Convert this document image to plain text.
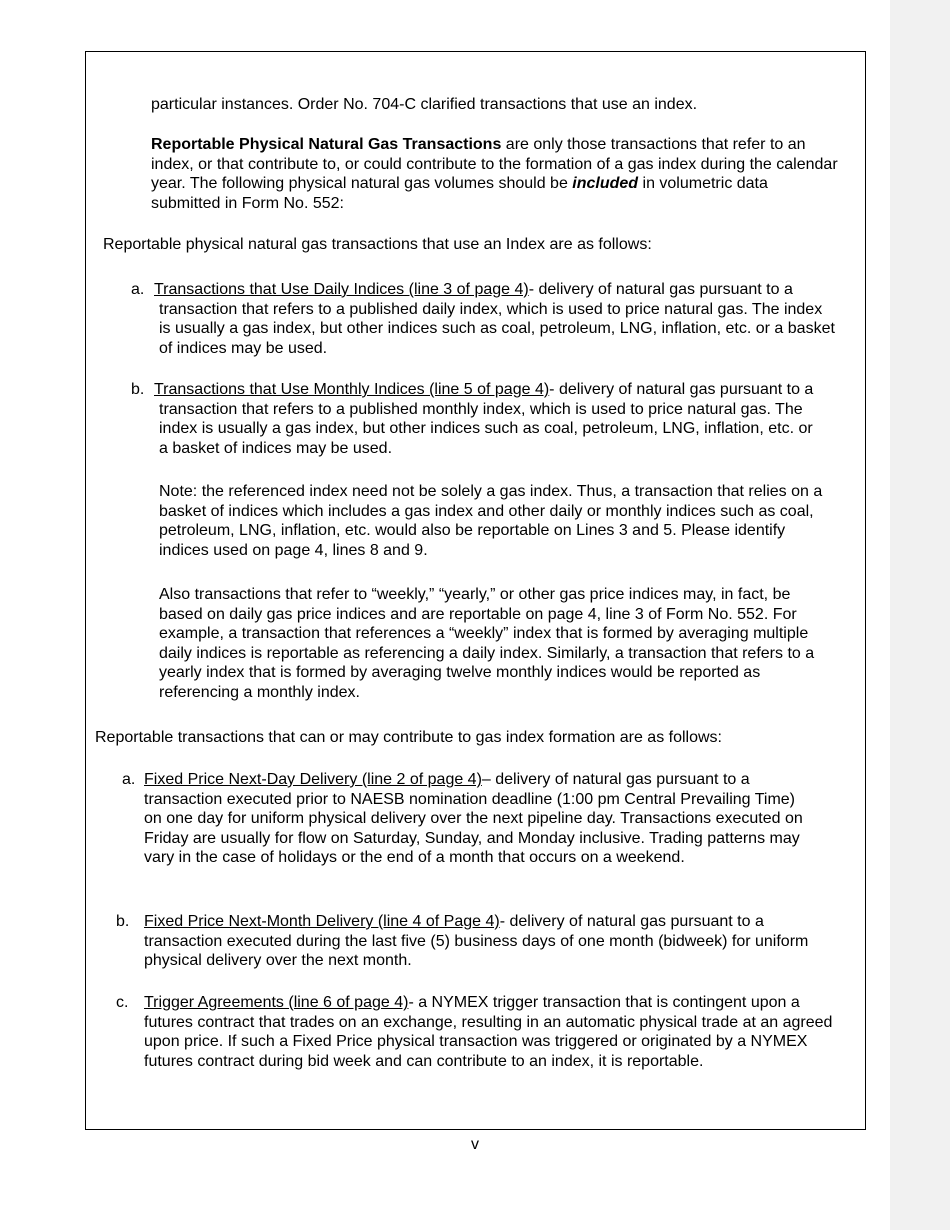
particular instances. Order No. 704-C clarified transactions that use an index.

Reportable Physical Natural Gas Transactions are only those transactions that refer to an index, or that contribute to, or could contribute to the formation of a gas index during the calendar year. The following physical natural gas volumes should be included in volumetric data submitted in Form No. 552:

Reportable physical natural gas transactions that use an Index are as follows:

a. Transactions that Use Daily Indices (line 3 of page 4)- delivery of natural gas pursuant to a transaction that refers to a published daily index, which is used to price natural gas. The index is usually a gas index, but other indices such as coal, petroleum, LNG, inflation, etc. or a basket of indices may be used.

b. Transactions that Use Monthly Indices (line 5 of page 4)- delivery of natural gas pursuant to a transaction that refers to a published monthly index, which is used to price natural gas. The index is usually a gas index, but other indices such as coal, petroleum, LNG, inflation, etc. or a basket of indices may be used.

Note: the referenced index need not be solely a gas index. Thus, a transaction that relies on a basket of indices which includes a gas index and other daily or monthly indices such as coal, petroleum, LNG, inflation, etc. would also be reportable on Lines 3 and 5. Please identify indices used on page 4, lines 8 and 9.

Also transactions that refer to “weekly,” “yearly,” or other gas price indices may, in fact, be based on daily gas price indices and are reportable on page 4, line 3 of Form No. 552. For example, a transaction that references a “weekly” index that is formed by averaging multiple daily indices is reportable as referencing a daily index. Similarly, a transaction that refers to a yearly index that is formed by averaging twelve monthly indices would be reported as referencing a monthly index.

Reportable transactions that can or may contribute to gas index formation are as follows:

a. Fixed Price Next-Day Delivery (line 2 of page 4)– delivery of natural gas pursuant to a transaction executed prior to NAESB nomination deadline (1:00 pm Central Prevailing Time) on one day for uniform physical delivery over the next pipeline day. Transactions executed on Friday are usually for flow on Saturday, Sunday, and Monday inclusive. Trading patterns may vary in the case of holidays or the end of a month that occurs on a weekend.

b. Fixed Price Next-Month Delivery (line 4 of Page 4)- delivery of natural gas pursuant to a transaction executed during the last five (5) business days of one month (bidweek) for uniform physical delivery over the next month.

c. Trigger Agreements (line 6 of page 4)- a NYMEX trigger transaction that is contingent upon a futures contract that trades on an exchange, resulting in an automatic physical trade at an agreed upon price. If such a Fixed Price physical transaction was triggered or originated by a NYMEX futures contract during bid week and can contribute to an index, it is reportable.

v
